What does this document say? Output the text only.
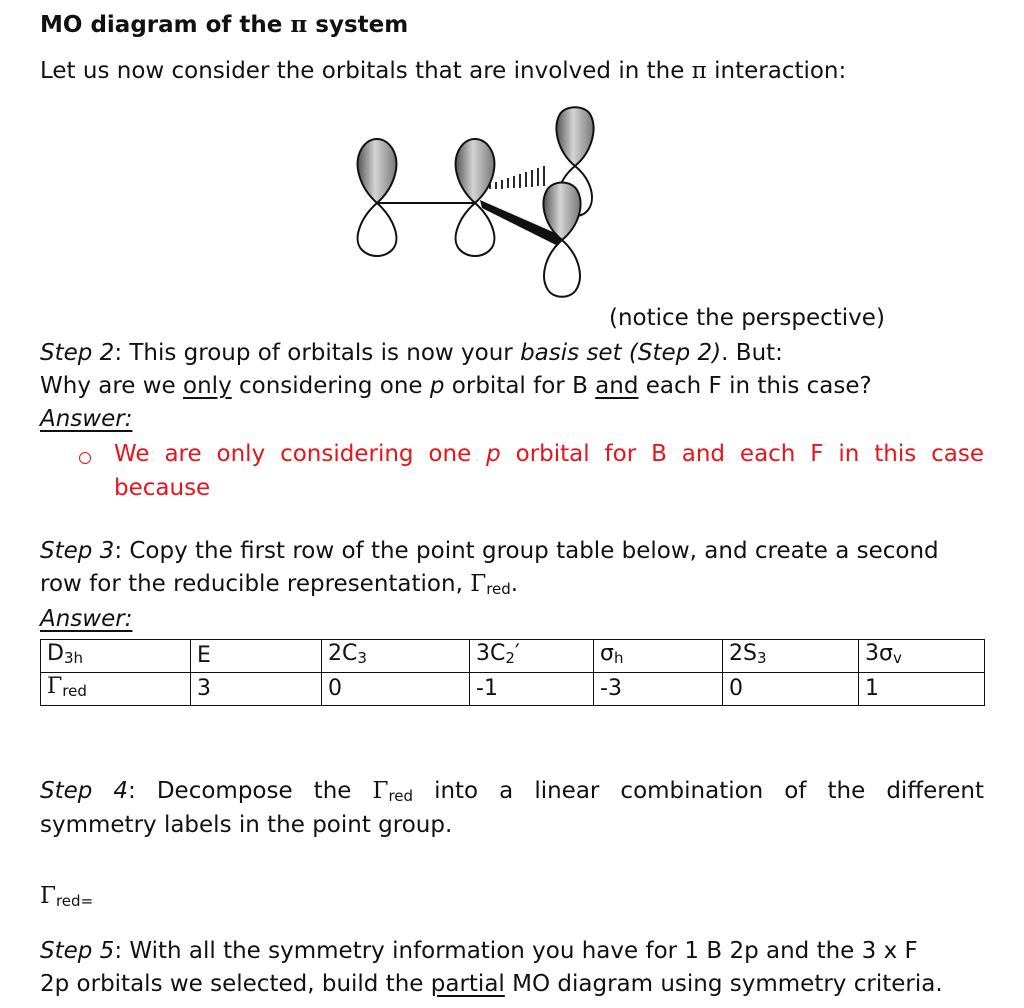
MO diagram of the π system
Let us now consider the orbitals that are involved in the π interaction:
(notice the perspective)
Step 2: This group of orbitals is now your basis set (Step 2). But:
Why are we only considering one p orbital for B and each F in this case?
Answer:
We are only considering one p orbital for B and each F in this case
because
Step 3: Copy the first row of the point group table below, and create a second
row for the reducible representation, $\Gamma_{red}$.
Answer:
$D_{3h}$	E	$2C_3$	$3C_2'$	$\sigma_h$	$2S_3$	$3\sigma_v$
$\Gamma_{red}$	3	0	-1	-3	0	1
Step 4: Decompose the $\Gamma_{red}$ into a linear combination of the different
symmetry labels in the point group.
$\Gamma_{red=}$
Step 5: With all the symmetry information you have for 1 B 2p and the 3 x F
2p orbitals we selected, build the partial MO diagram using symmetry criteria.
